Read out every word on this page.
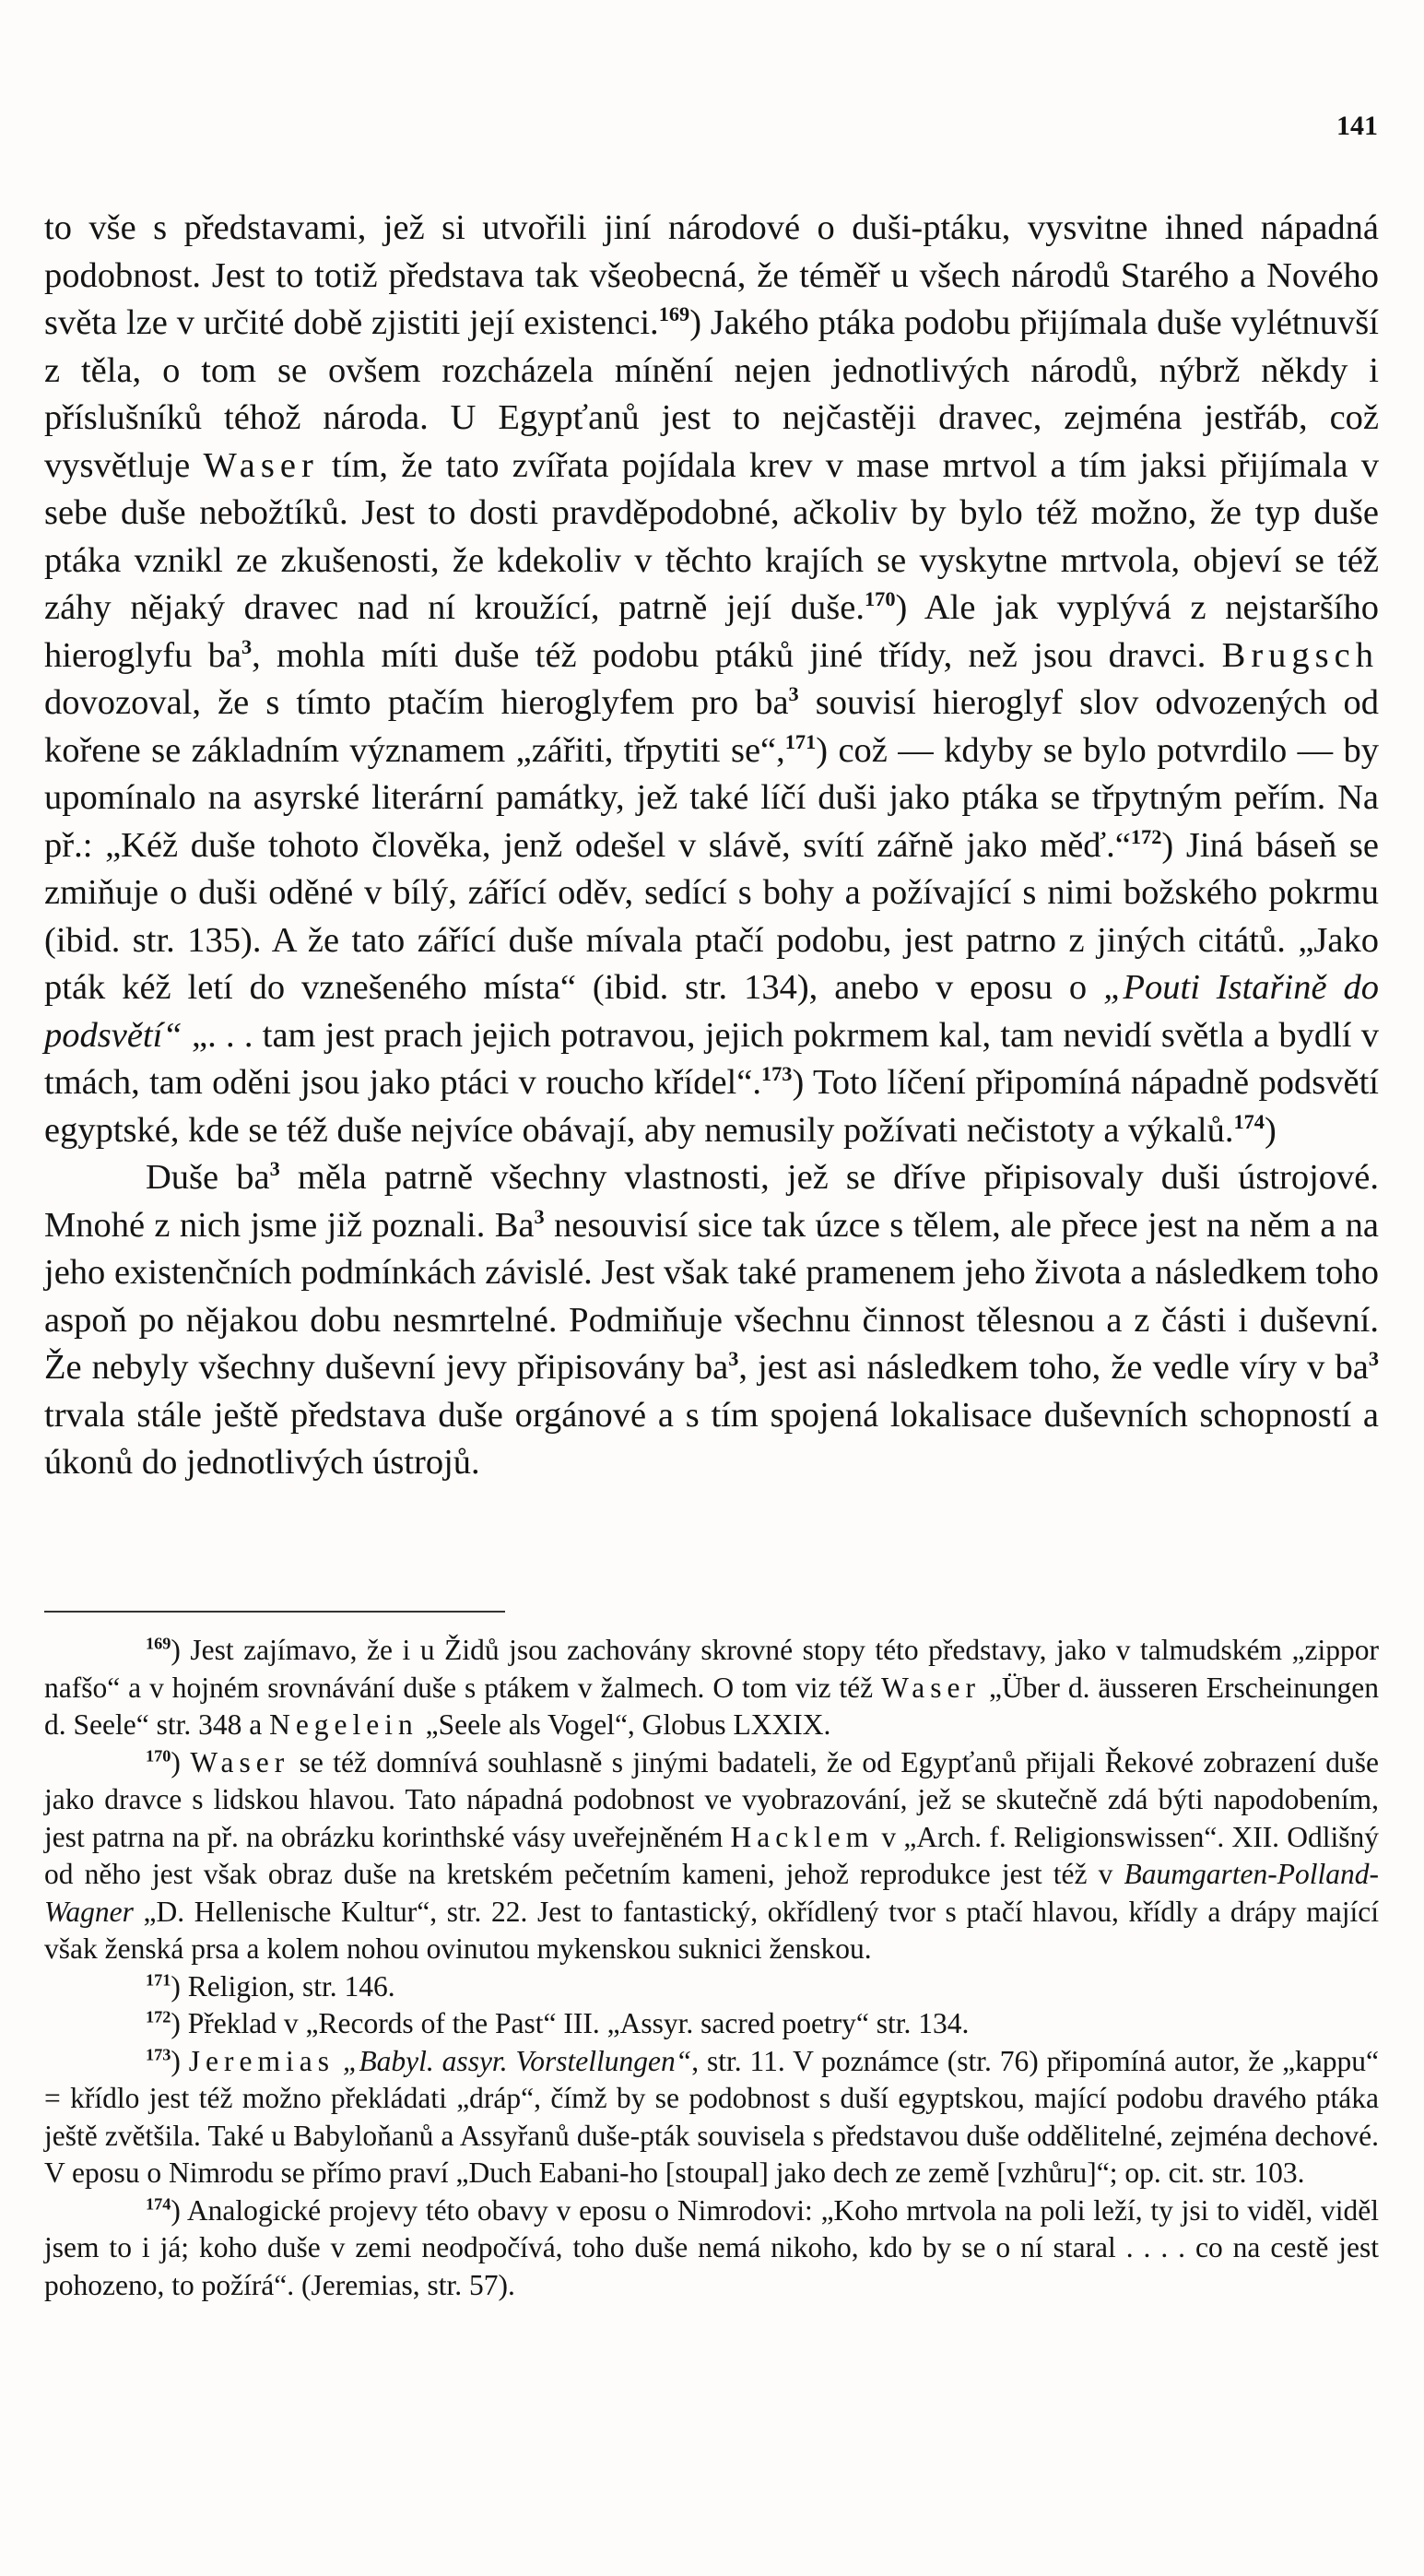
141

to vše s představami, jež si utvořili jiní národové o duši-ptáku, vysvitne ihned nápadná podobnost. Jest to totiž představa tak všeobecná, že téměř u všech národů Starého a Nového světa lze v určité době zjistiti její existenci.$^{169}$) Jakého ptáka podobu přijímala duše vylétnuvší z těla, o tom se ovšem rozcházela mínění nejen jednotlivých národů, nýbrž někdy i příslušníků téhož národa. U Egypťanů jest to nejčastěji dravec, zejména jestřáb, což vysvětluje Waser tím, že tato zvířata pojídala krev v mase mrtvol a tím jaksi přijímala v sebe duše nebožtíků. Jest to dosti pravděpodobné, ačkoliv by bylo též možno, že typ duše ptáka vznikl ze zkušenosti, že kdekoliv v těchto krajích se vyskytne mrtvola, objeví se též záhy nějaký dravec nad ní kroužící, patrně její duše.$^{170}$) Ale jak vyplývá z nejstaršího hieroglyfu $ba^3$, mohla míti duše též podobu ptáků jiné třídy, než jsou dravci. Brugsch dovozoval, že s tímto ptačím hieroglyfem pro $ba^3$ souvisí hieroglyf slov odvozených od kořene se základním významem „zářiti, třpytiti se“,$^{171}$) což — kdyby se bylo potvrdilo — by upomínalo na asyrské literární památky, jež také líčí duši jako ptáka se třpytným peřím. Na př.: „Kéž duše tohoto člověka, jenž odešel v slávě, svítí zářně jako měď.“$^{172}$) Jiná báseň se zmiňuje o duši oděné v bílý, zářící oděv, sedící s bohy a požívající s nimi božského pokrmu (ibid. str. 135). A že tato zářící duše mívala ptačí podobu, jest patrno z jiných citátů. „Jako pták kéž letí do vznešeného místa“ (ibid. str. 134), anebo v eposu o „Pouti Istařině do podsvětí“ „. . . tam jest prach jejich potravou, jejich pokrmem kal, tam nevidí světla a bydlí v tmách, tam oděni jsou jako ptáci v roucho křídel“.$^{173}$) Toto líčení připomíná nápadně podsvětí egyptské, kde se též duše nejvíce obávají, aby nemusily požívati nečistoty a výkalů.$^{174}$)

Duše $ba^3$ měla patrně všechny vlastnosti, jež se dříve připisovaly duši ústrojové. Mnohé z nich jsme již poznali. Ba$^3$ nesouvisí sice tak úzce s tělem, ale přece jest na něm a na jeho existenčních podmínkách závislé. Jest však také pramenem jeho života a následkem toho aspoň po nějakou dobu nesmrtelné. Podmiňuje všechnu činnost tělesnou a z části i duševní. Že nebyly všechny duševní jevy připisovány $ba^3$, jest asi následkem toho, že vedle víry v $ba^3$ trvala stále ještě představa duše orgánové a s tím spojená lokalisace duševních schopností a úkonů do jednotlivých ústrojů.

$^{169}$) Jest zajímavo, že i u Židů jsou zachovány skrovné stopy této představy, jako v talmudském „zippor nafšo“ a v hojném srovnávání duše s ptákem v žalmech. O tom viz též Waser „Über d. äusseren Erscheinungen d. Seele“ str. 348 a Negelein „Seele als Vogel“, Globus LXXIX.

$^{170}$) Waser se též domnívá souhlasně s jinými badateli, že od Egypťanů přijali Řekové zobrazení duše jako dravce s lidskou hlavou. Tato nápadná podobnost ve vyobrazování, jež se skutečně zdá býti napodobením, jest patrna na př. na obrázku korinthské vásy uveřejněném Hacklem v „Arch. f. Religionswissen“. XII. Odlišný od něho jest však obraz duše na kretském pečetním kameni, jehož reprodukce jest též v Baumgarten-Polland-Wagner „D. Hellenische Kultur“, str. 22. Jest to fantastický, okřídlený tvor s ptačí hlavou, křídly a drápy mající však ženská prsa a kolem nohou ovinutou mykenskou suknici ženskou.

$^{171}$) Religion, str. 146.

$^{172}$) Překlad v „Records of the Past“ III. „Assyr. sacred poetry“ str. 134.

$^{173}$) Jeremias „Babyl. assyr. Vorstellungen“, str. 11. V poznámce (str. 76) připomíná autor, že „kappu“ = křídlo jest též možno překládati „dráp“, čímž by se podobnost s duší egyptskou, mající podobu dravého ptáka ještě zvětšila. Také u Babyloňanů a Assyřanů duše-pták souvisela s představou duše oddělitelné, zejména dechové. V eposu o Nimrodu se přímo praví „Duch Eabani-ho [stoupal] jako dech ze země [vzhůru]“; op. cit. str. 103.

$^{174}$) Analogické projevy této obavy v eposu o Nimrodovi: „Koho mrtvola na poli leží, ty jsi to viděl, viděl jsem to i já; koho duše v zemi neodpočívá, toho duše nemá nikoho, kdo by se o ní staral . . . . co na cestě jest pohozeno, to požírá“. (Jeremias, str. 57).
